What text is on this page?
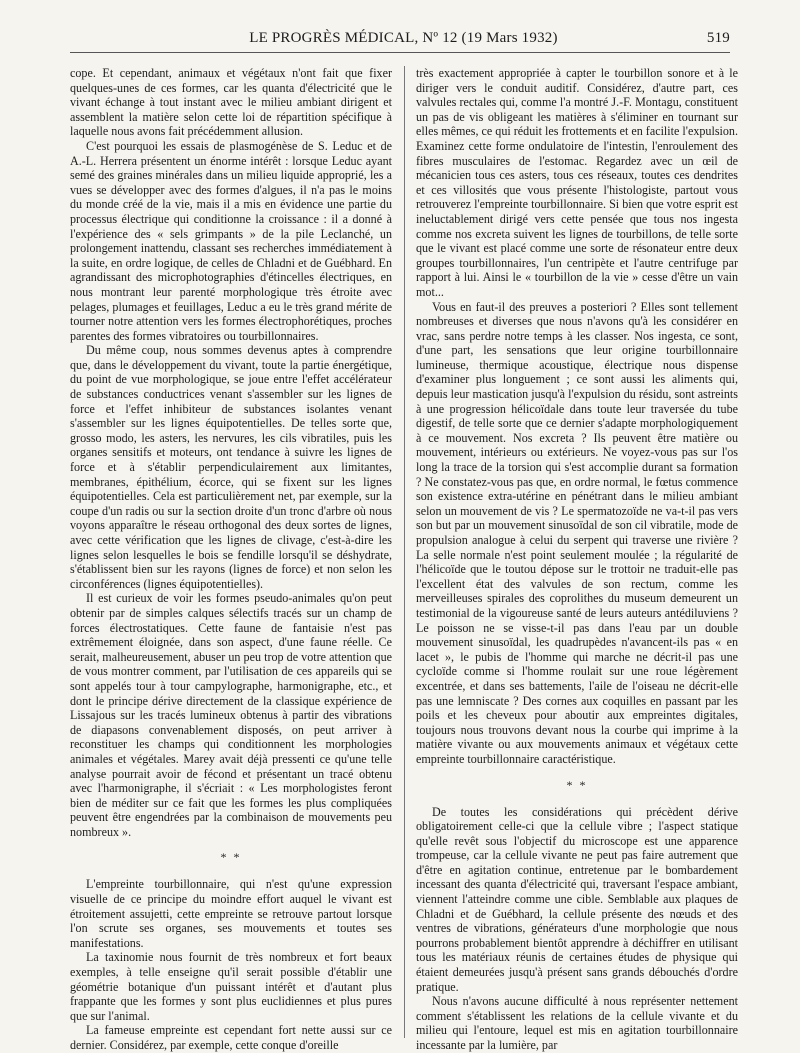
LE PROGRÈS MÉDICAL, Nº 12 (19 Mars 1932)	519

cope. Et cependant, animaux et végétaux n'ont fait que fixer quelques-unes de ces formes, car les quanta d'électricité que le vivant échange à tout instant avec le milieu ambiant dirigent et assemblent la matière selon cette loi de répartition spécifique à laquelle nous avons fait précédemment allusion.

C'est pourquoi les essais de plasmogénèse de S. Leduc et de A.-L. Herrera présentent un énorme intérêt : lorsque Leduc ayant semé des graines minérales dans un milieu liquide approprié, les a vues se développer avec des formes d'algues, il n'a pas le moins du monde créé de la vie, mais il a mis en évidence une partie du processus électrique qui conditionne la croissance : il a donné à l'expérience des « sels grimpants » de la pile Leclanché, un prolongement inattendu, classant ses recherches immédiatement à la suite, en ordre logique, de celles de Chladni et de Guébhard. En agrandissant des microphotographies d'étincelles électriques, en nous montrant leur parenté morphologique très étroite avec pelages, plumages et feuillages, Leduc a eu le très grand mérite de tourner notre attention vers les formes électrophorétiques, proches parentes des formes vibratoires ou tourbillonnaires.

Du même coup, nous sommes devenus aptes à comprendre que, dans le développement du vivant, toute la partie énergétique, du point de vue morphologique, se joue entre l'effet accélérateur de substances conductrices venant s'assembler sur les lignes de force et l'effet inhibiteur de substances isolantes venant s'assembler sur les lignes équipotentielles. De telles sorte que, grosso modo, les asters, les nervures, les cils vibratiles, puis les organes sensitifs et moteurs, ont tendance à suivre les lignes de force et à s'établir perpendiculairement aux limitantes, membranes, épithélium, écorce, qui se fixent sur les lignes équipotentielles. Cela est particulièrement net, par exemple, sur la coupe d'un radis ou sur la section droite d'un tronc d'arbre où nous voyons apparaître le réseau orthogonal des deux sortes de lignes, avec cette vérification que les lignes de clivage, c'est-à-dire les lignes selon lesquelles le bois se fendille lorsqu'il se déshydrate, s'établissent bien sur les rayons (lignes de force) et non selon les circonférences (lignes équipotentielles).

Il est curieux de voir les formes pseudo-animales qu'on peut obtenir par de simples calques sélectifs tracés sur un champ de forces électrostatiques. Cette faune de fantaisie n'est pas extrêmement éloignée, dans son aspect, d'une faune réelle. Ce serait, malheureusement, abuser un peu trop de votre attention que de vous montrer comment, par l'utilisation de ces appareils qui se sont appelés tour à tour campylographe, harmonigraphe, etc., et dont le principe dérive directement de la classique expérience de Lissajous sur les tracés lumineux obtenus à partir des vibrations de diapasons convenablement disposés, on peut arriver à reconstituer les champs qui conditionnent les morphologies animales et végétales. Marey avait déjà pressenti ce qu'une telle analyse pourrait avoir de fécond et présentant un tracé obtenu avec l'harmonigraphe, il s'écriait : « Les morphologistes feront bien de méditer sur ce fait que les formes les plus compliquées peuvent être engendrées par la combinaison de mouvements peu nombreux ».

* *

L'empreinte tourbillonnaire, qui n'est qu'une expression visuelle de ce principe du moindre effort auquel le vivant est étroitement assujetti, cette empreinte se retrouve partout lorsque l'on scrute ses organes, ses mouvements et toutes ses manifestations.

La taxinomie nous fournit de très nombreux et fort beaux exemples, à telle enseigne qu'il serait possible d'établir une géométrie botanique d'un puissant intérêt et d'autant plus frappante que les formes y sont plus euclidiennes et plus pures que sur l'animal.

La fameuse empreinte est cependant fort nette aussi sur ce dernier. Considérez, par exemple, cette conque d'oreille

très exactement appropriée à capter le tourbillon sonore et à le diriger vers le conduit auditif. Considérez, d'autre part, ces valvules rectales qui, comme l'a montré J.-F. Montagu, constituent un pas de vis obligeant les matières à s'éliminer en tournant sur elles mêmes, ce qui réduit les frottements et en facilite l'expulsion. Examinez cette forme ondulatoire de l'intestin, l'enroulement des fibres musculaires de l'estomac. Regardez avec un œil de mécanicien tous ces asters, tous ces réseaux, toutes ces dendrites et ces villosités que vous présente l'histologiste, partout vous retrouverez l'empreinte tourbillonnaire. Si bien que votre esprit est ineluctablement dirigé vers cette pensée que tous nos ingesta comme nos excreta suivent les lignes de tourbillons, de telle sorte que le vivant est placé comme une sorte de résonateur entre deux groupes tourbillonnaires, l'un centripète et l'autre centrifuge par rapport à lui. Ainsi le « tourbillon de la vie » cesse d'être un vain mot...

Vous en faut-il des preuves a posteriori ? Elles sont tellement nombreuses et diverses que nous n'avons qu'à les considérer en vrac, sans perdre notre temps à les classer. Nos ingesta, ce sont, d'une part, les sensations que leur origine tourbillonnaire lumineuse, thermique acoustique, électrique nous dispense d'examiner plus longuement ; ce sont aussi les aliments qui, depuis leur mastication jusqu'à l'expulsion du résidu, sont astreints à une progression hélicoïdale dans toute leur traversée du tube digestif, de telle sorte que ce dernier s'adapte morphologiquement à ce mouvement. Nos excreta ? Ils peuvent être matière ou mouvement, intérieurs ou extérieurs. Ne voyez-vous pas sur l'os long la trace de la torsion qui s'est accomplie durant sa formation ? Ne constatez-vous pas que, en ordre normal, le fœtus commence son existence extra-utérine en pénétrant dans le milieu ambiant selon un mouvement de vis ? Le spermatozoïde ne va-t-il pas vers son but par un mouvement sinusoïdal de son cil vibratile, mode de propulsion analogue à celui du serpent qui traverse une rivière ? La selle normale n'est point seulement moulée ; la régularité de l'hélicoïde que le toutou dépose sur le trottoir ne traduit-elle pas l'excellent état des valvules de son rectum, comme les merveilleuses spirales des coprolithes du museum demeurent un testimonial de la vigoureuse santé de leurs auteurs antédiluviens ? Le poisson ne se visse-t-il pas dans l'eau par un double mouvement sinusoïdal, les quadrupèdes n'avancent-ils pas « en lacet », le pubis de l'homme qui marche ne décrit-il pas une cycloïde comme si l'homme roulait sur une roue légèrement excentrée, et dans ses battements, l'aile de l'oiseau ne décrit-elle pas une lemniscate ? Des cornes aux coquilles en passant par les poils et les cheveux pour aboutir aux empreintes digitales, toujours nous trouvons devant nous la courbe qui imprime à la matière vivante ou aux mouvements animaux et végétaux cette empreinte tourbillonnaire caractéristique.

* *

De toutes les considérations qui précèdent dérive obligatoirement celle-ci que la cellule vibre ; l'aspect statique qu'elle revêt sous l'objectif du microscope est une apparence trompeuse, car la cellule vivante ne peut pas faire autrement que d'être en agitation continue, entretenue par le bombardement incessant des quanta d'électricité qui, traversant l'espace ambiant, viennent l'atteindre comme une cible. Semblable aux plaques de Chladni et de Guébhard, la cellule présente des nœuds et des ventres de vibrations, générateurs d'une morphologie que nous pourrons probablement bientôt apprendre à déchiffrer en utilisant tous les matériaux réunis de certaines études de physique qui étaient demeurées jusqu'à présent sans grands débouchés d'ordre pratique.

Nous n'avons aucune difficulté à nous représenter nettement comment s'établissent les relations de la cellule vivante et du milieu qui l'entoure, lequel est mis en agitation tourbillonnaire incessante par la lumière, par
